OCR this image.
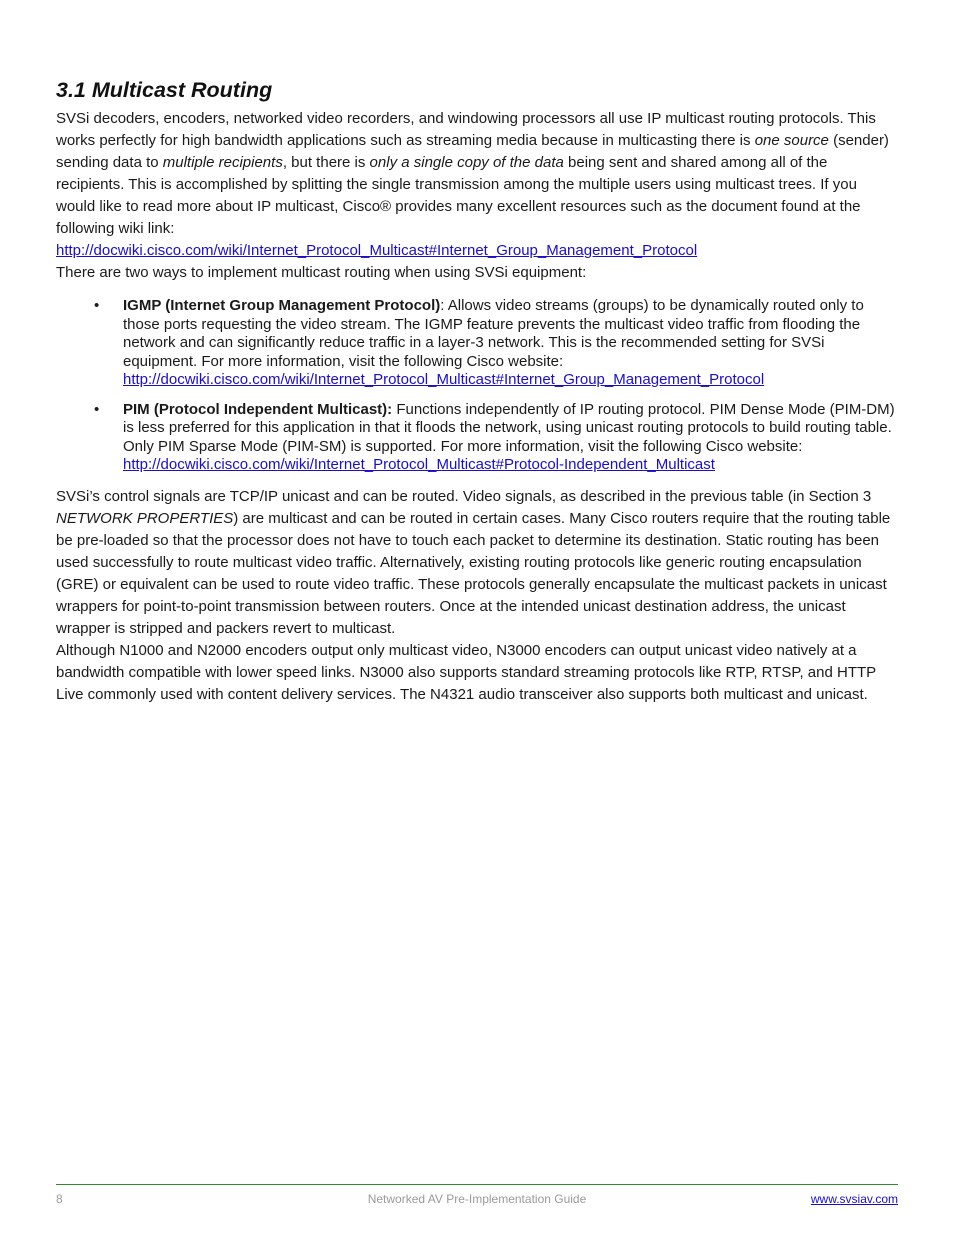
3.1 Multicast Routing

SVSi decoders, encoders, networked video recorders, and windowing processors all use IP multicast routing protocols. This works perfectly for high bandwidth applications such as streaming media because in multicasting there is one source (sender) sending data to multiple recipients, but there is only a single copy of the data being sent and shared among all of the recipients. This is accomplished by splitting the single transmission among the multiple users using multicast trees. If you would like to read more about IP multicast, Cisco® provides many excellent resources such as the document found at the following wiki link:
http://docwiki.cisco.com/wiki/Internet_Protocol_Multicast#Internet_Group_Management_Protocol

There are two ways to implement multicast routing when using SVSi equipment:

• IGMP (Internet Group Management Protocol): Allows video streams (groups) to be dynamically routed only to those ports requesting the video stream. The IGMP feature prevents the multicast video traffic from flooding the network and can significantly reduce traffic in a layer-3 network. This is the recommended setting for SVSi equipment. For more information, visit the following Cisco website:
http://docwiki.cisco.com/wiki/Internet_Protocol_Multicast#Internet_Group_Management_Protocol
• PIM (Protocol Independent Multicast): Functions independently of IP routing protocol. PIM Dense Mode (PIM-DM) is less preferred for this application in that it floods the network, using unicast routing protocols to build routing table. Only PIM Sparse Mode (PIM-SM) is supported. For more information, visit the following Cisco website:
http://docwiki.cisco.com/wiki/Internet_Protocol_Multicast#Protocol-Independent_Multicast

SVSi’s control signals are TCP/IP unicast and can be routed. Video signals, as described in the previous table (in Section 3 NETWORK PROPERTIES) are multicast and can be routed in certain cases. Many Cisco routers require that the routing table be pre-loaded so that the processor does not have to touch each packet to determine its destination. Static routing has been used successfully to route multicast video traffic. Alternatively, existing routing protocols like generic routing encapsulation (GRE) or equivalent can be used to route video traffic. These protocols generally encapsulate the multicast packets in unicast wrappers for point-to-point transmission between routers. Once at the intended unicast destination address, the unicast wrapper is stripped and packers revert to multicast.

Although N1000 and N2000 encoders output only multicast video, N3000 encoders can output unicast video natively at a bandwidth compatible with lower speed links. N3000 also supports standard streaming protocols like RTP, RTSP, and HTTP Live commonly used with content delivery services. The N4321 audio transceiver also supports both multicast and unicast.

8	Networked AV Pre-Implementation Guide	www.svsiav.com
